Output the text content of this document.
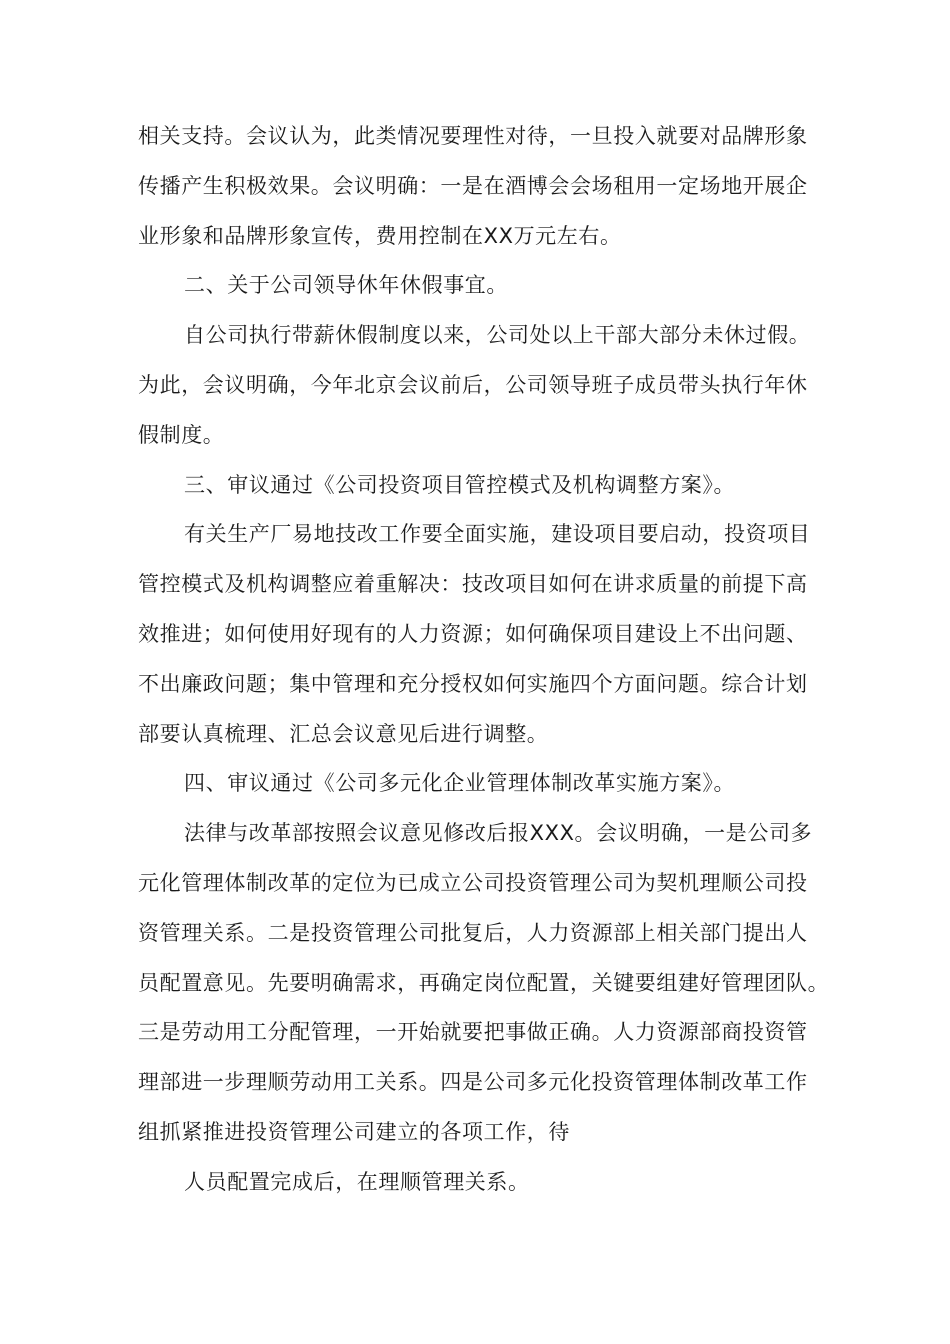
相关支持。会议认为，此类情况要理性对待，一旦投入就要对品牌形象
传播产生积极效果。会议明确：一是在酒博会会场租用一定场地开展企
业形象和品牌形象宣传，费用控制在XX万元左右。
二、关于公司领导休年休假事宜。
自公司执行带薪休假制度以来，公司处以上干部大部分未休过假。
为此，会议明确，今年北京会议前后，公司领导班子成员带头执行年休
假制度。
三、审议通过《公司投资项目管控模式及机构调整方案》。
有关生产厂易地技改工作要全面实施，建设项目要启动，投资项目
管控模式及机构调整应着重解决：技改项目如何在讲求质量的前提下高
效推进；如何使用好现有的人力资源；如何确保项目建设上不出问题、
不出廉政问题；集中管理和充分授权如何实施四个方面问题。综合计划
部要认真梳理、汇总会议意见后进行调整。
四、审议通过《公司多元化企业管理体制改革实施方案》。
法律与改革部按照会议意见修改后报XXX。会议明确，一是公司多
元化管理体制改革的定位为已成立公司投资管理公司为契机理顺公司投
资管理关系。二是投资管理公司批复后，人力资源部上相关部门提出人
员配置意见。先要明确需求，再确定岗位配置，关键要组建好管理团队。
三是劳动用工分配管理，一开始就要把事做正确。人力资源部商投资管
理部进一步理顺劳动用工关系。四是公司多元化投资管理体制改革工作
组抓紧推进投资管理公司建立的各项工作，待
人员配置完成后，在理顺管理关系。
